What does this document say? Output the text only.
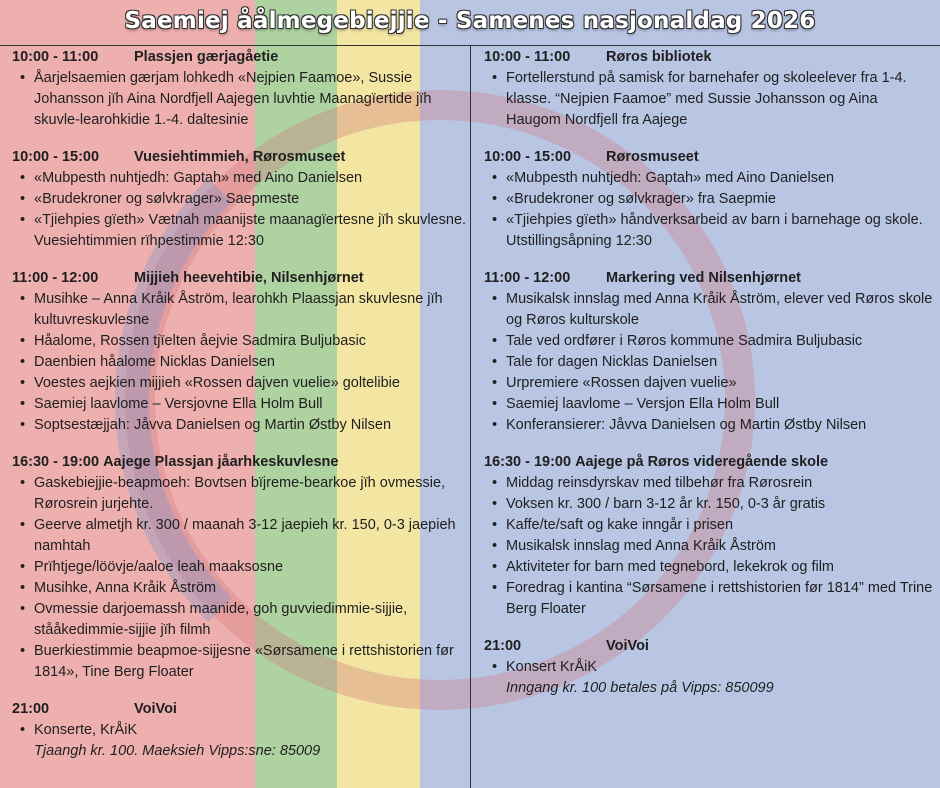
Saemiej åålmegebiejjie - Samenes nasjonaldag 2026
10:00 - 11:00 Plassjen gærjagåetie
• Åarjelsaemien gærjam lohkedh «Nejpien Faamoe», Sussie Johansson jïh Aina Nordfjell Aajegen luvhtie Maanagïertide jïh skuvle-learohkidie 1.-4. daltesinie
10:00 - 15:00 Vuesiehtimmieh, Rørosmuseet
• «Mubpesth nuhtjedh: Gaptah» med Aino Danielsen
• «Brudekroner og sølvkrager» Saepmeste
• «Tjiehpies gïeth» Vætnah maanijste maanagïertesne jïh skuvlesne. Vuesiehtimmien rïhpestimmie 12:30
11:00 - 12:00 Mijjieh heevehtibie, Nilsenhjørnet
• Musihke – Anna Kråik Åström, learohkh Plaassjan skuvlesne jïh kultuvreskuvlesne
• Håalome, Rossen tjïelten åejvie Sadmira Buljubasic
• Daenbien håalome Nicklas Danielsen
• Voestes aejkien mijjieh «Rossen dajven vuelie» goltelibie
• Saemiej laavlome – Versjovne Ella Holm Bull
• Soptsestæjjah: Jåvva Danielsen og Martin Østby Nilsen
16:30 - 19:00 Aajege Plassjan jåarhkeskuvlesne
• Gaskebiejjie-beapmoeh: Bovtsen bïjreme-bearkoe jïh ovmessie, Rørosrein jurjehte.
• Geerve almetjh kr. 300 / maanah 3-12 jaepieh kr. 150, 0-3 jaepieh namhtah
• Prïhtjege/löövje/aaloe leah maaksosne
• Musihke, Anna Kråik Åström
• Ovmessie darjoemassh maanide, goh guvviedimmie-sijjie, stååkedimmie-sijjie jïh filmh
• Buerkiestimmie beapmoe-sijjesne «Sørsamene i rettshistorien før 1814», Tine Berg Floater
21:00	VoiVoi
• Konserte, KrÅiK
Tjaangh kr. 100. Maeksieh Vipps:sne: 85009
10:00 - 11:00 Røros bibliotek
• Fortellerstund på samisk for barnehafer og skoleelever fra 1-4. klasse. “Nejpien Faamoe” med Sussie Johansson og Aina Haugom Nordfjell fra Aajege
10:00 - 15:00 Rørosmuseet
• «Mubpesth nuhtjedh: Gaptah» med Aino Danielsen
• «Brudekroner og sølvkrager» fra Saepmie
• «Tjiehpies gïeth» håndverksarbeid av barn i barnehage og skole. Utstillingsåpning 12:30
11:00 - 12:00 Markering ved Nilsenhjørnet
• Musikalsk innslag med Anna Kråik Åström, elever ved Røros skole og Røros kulturskole
• Tale ved ordfører i Røros kommune Sadmira Buljubasic
• Tale for dagen Nicklas Danielsen
• Urpremiere «Rossen dajven vuelie»
• Saemiej laavlome – Versjon Ella Holm Bull
• Konferansierer: Jåvva Danielsen og Martin Østby Nilsen
16:30 - 19:00 Aajege på Røros videregående skole
• Middag reinsdyrskav med tilbehør fra Rørosrein
• Voksen kr. 300 / barn 3-12 år kr. 150, 0-3 år gratis
• Kaffe/te/saft og kake inngår i prisen
• Musikalsk innslag med Anna Kråik Åström
• Aktiviteter for barn med tegnebord, lekekrok og film
• Foredrag i kantina “Sørsamene i rettshistorien før 1814” med Trine Berg Floater
21:00	VoiVoi
• Konsert KrÅiK
Inngang kr. 100 betales på Vipps: 850099
